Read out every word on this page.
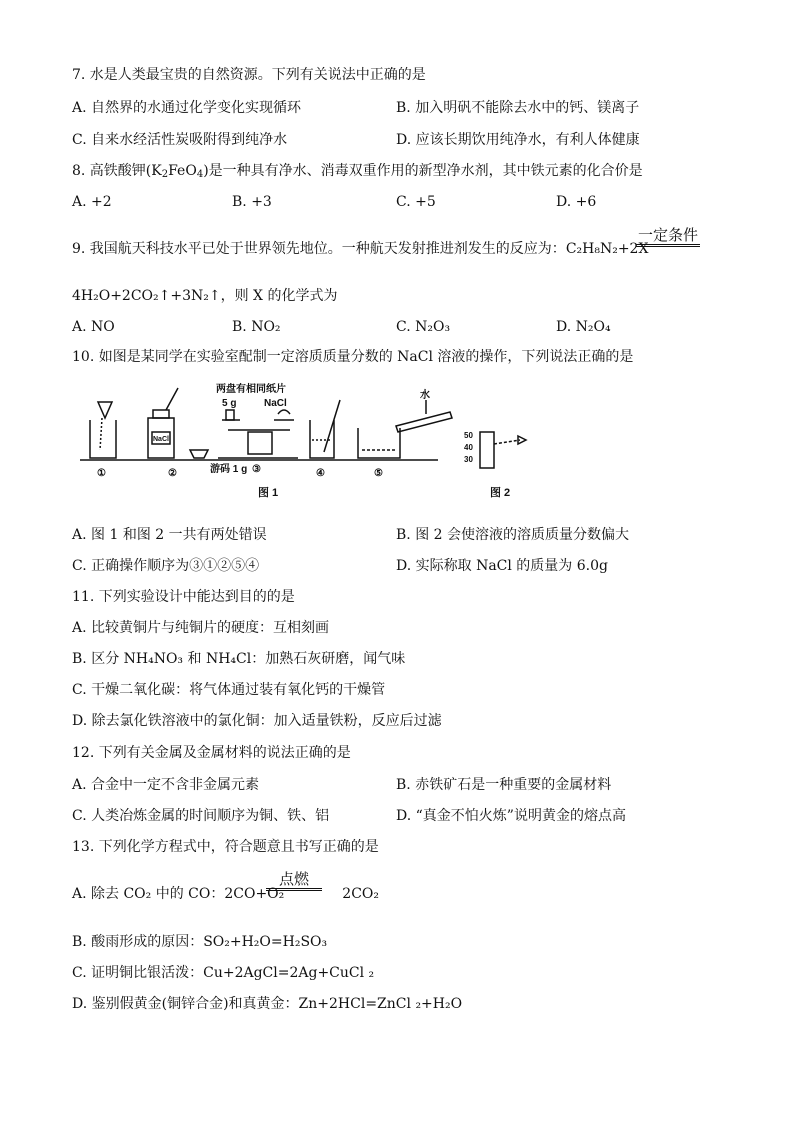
7. 水是人类最宝贵的自然资源。下列有关说法中正确的是
A. 自然界的水通过化学变化实现循环	B. 加入明矾不能除去水中的钙、镁离子
C. 自来水经活性炭吸附得到纯净水	D. 应该长期饮用纯净水，有利人体健康
8. 高铁酸钾$(K_2FeO_4)$是一种具有净水、消毒双重作用的新型净水剂，其中铁元素的化合价是
A. +2	B. +3	C. +5	D. +6
9. 我国航天科技水平已处于世界领先地位。一种航天发射推进剂发生的反应为：C₂H₈N₂+2X
一定条件
4H₂O+2CO₂↑+3N₂↑，则 X 的化学式为
A. NO	B. NO₂	C. N₂O₃	D. N₂O₄
10. 如图是某同学在实验室配制一定溶质质量分数的 NaCl 溶液的操作，下列说法正确的是
两盘有相同纸片
5 g	NaCl
游码 1 g
水
NaCl
①	②	③	④	⑤
50
40
30
图 1	图 2
A. 图 1 和图 2 一共有两处错误	B. 图 2 会使溶液的溶质质量分数偏大
C. 正确操作顺序为③①②⑤④	D. 实际称取 NaCl 的质量为 6.0g
11. 下列实验设计中能达到目的的是
A. 比较黄铜片与纯铜片的硬度：互相刻画
B. 区分 NH₄NO₃ 和 NH₄Cl：加熟石灰研磨，闻气味
C. 干燥二氧化碳：将气体通过装有氧化钙的干燥管
D. 除去氯化铁溶液中的氯化铜：加入适量铁粉，反应后过滤
12. 下列有关金属及金属材料的说法正确的是
A. 合金中一定不含非金属元素	B. 赤铁矿石是一种重要的金属材料
C. 人类冶炼金属的时间顺序为铜、铁、铝	D. “真金不怕火炼”说明黄金的熔点高
13. 下列化学方程式中，符合题意且书写正确的是
A. 除去 CO₂ 中的 CO：2CO+O₂	2CO₂
点燃
B. 酸雨形成的原因：SO₂+H₂O=H₂SO₃
C. 证明铜比银活泼：Cu+2AgCl=2Ag+CuCl ₂
D. 鉴别假黄金(铜锌合金)和真黄金：Zn+2HCl=ZnCl ₂+H₂O
